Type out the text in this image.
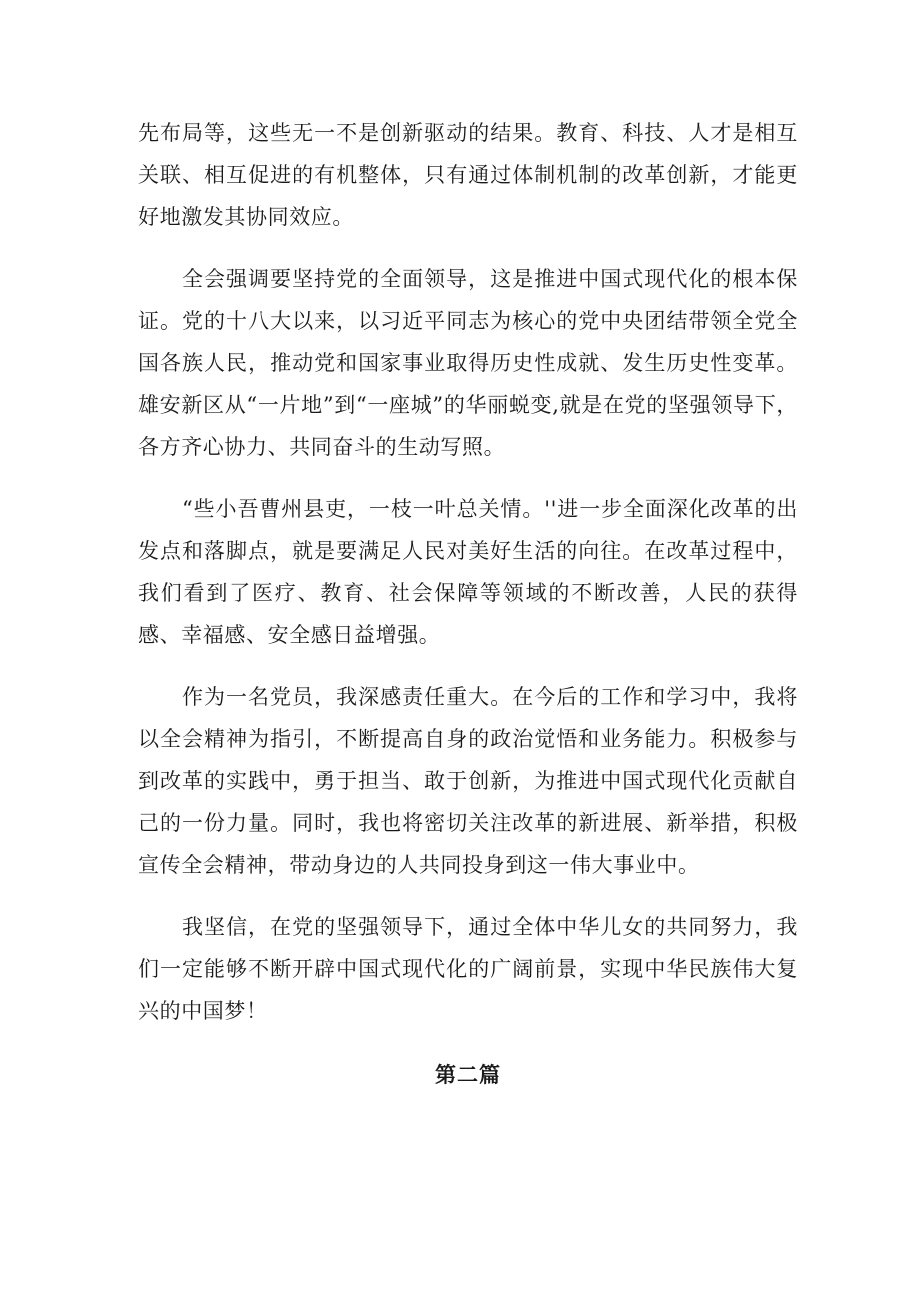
先布局等，这些无一不是创新驱动的结果。教育、科技、人才是相互关联、相互促进的有机整体，只有通过体制机制的改革创新，才能更好地激发其协同效应。

全会强调要坚持党的全面领导，这是推进中国式现代化的根本保证。党的十八大以来，以习近平同志为核心的党中央团结带领全党全国各族人民，推动党和国家事业取得历史性成就、发生历史性变革。雄安新区从“一片地”到“一座城”的华丽蜕变,就是在党的坚强领导下，各方齐心协力、共同奋斗的生动写照。

“些小吾曹州县吏，一枝一叶总关情。''进一步全面深化改革的出发点和落脚点，就是要满足人民对美好生活的向往。在改革过程中，我们看到了医疗、教育、社会保障等领域的不断改善，人民的获得感、幸福感、安全感日益增强。

作为一名党员，我深感责任重大。在今后的工作和学习中，我将以全会精神为指引，不断提高自身的政治觉悟和业务能力。积极参与到改革的实践中，勇于担当、敢于创新，为推进中国式现代化贡献自己的一份力量。同时，我也将密切关注改革的新进展、新举措，积极宣传全会精神，带动身边的人共同投身到这一伟大事业中。

我坚信，在党的坚强领导下，通过全体中华儿女的共同努力，我们一定能够不断开辟中国式现代化的广阔前景，实现中华民族伟大复兴的中国梦！

第二篇
